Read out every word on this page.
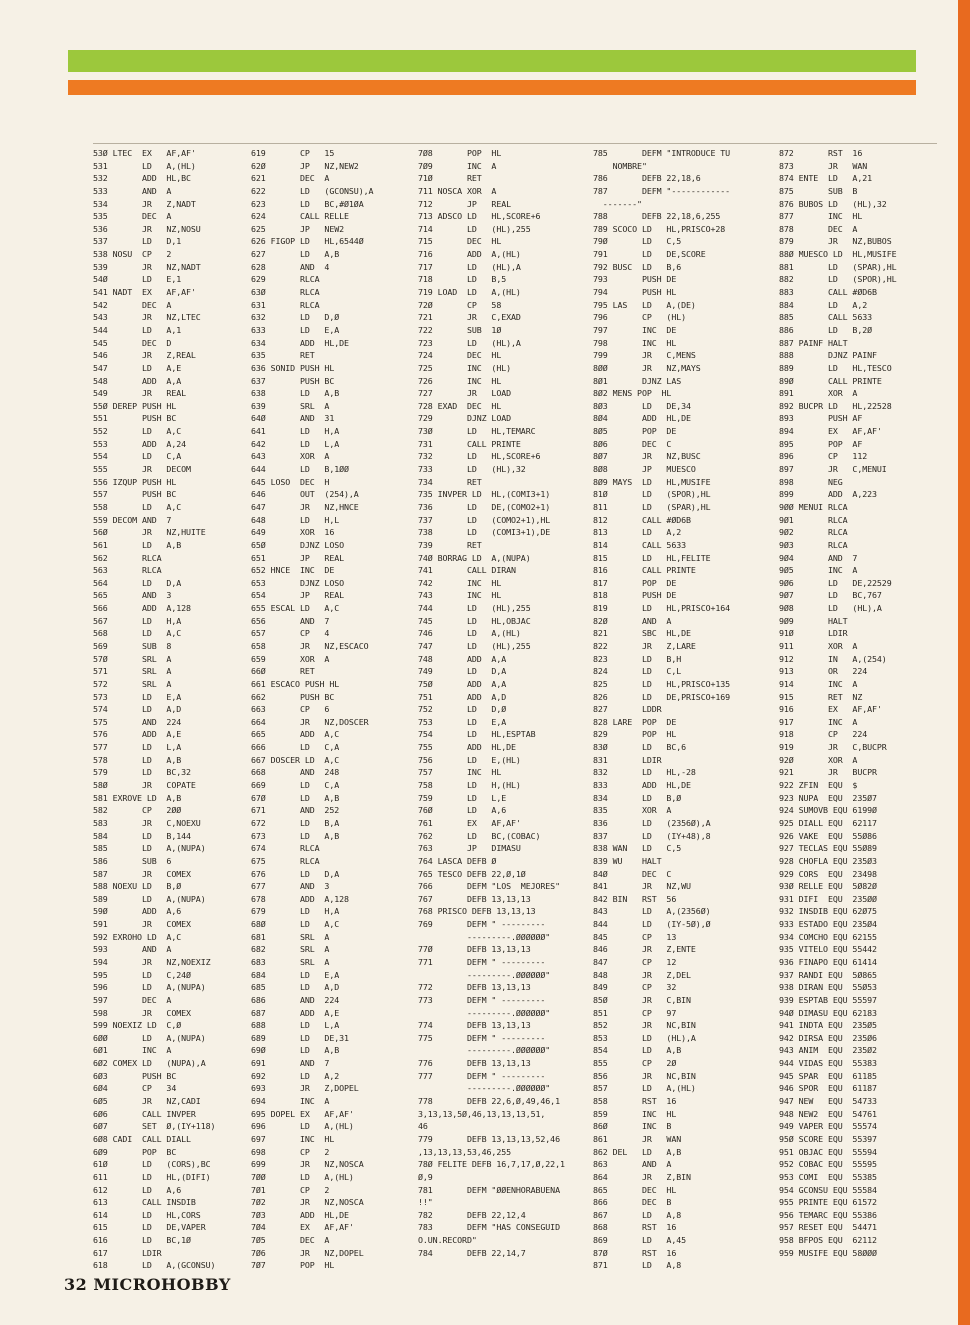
53Ø LTEC  EX   AF,AF'
531       LD   A,(HL)
532       ADD  HL,BC
533       AND  A
534       JR   Z,NADT
535       DEC  A
536       JR   NZ,NOSU
537       LD   D,1
538 NOSU  CP   2
539       JR   NZ,NADT
54Ø       LD   E,1
541 NADT  EX   AF,AF'
542       DEC  A
543       JR   NZ,LTEC
544       LD   A,1
545       DEC  D
546       JR   Z,REAL
547       LD   A,E
548       ADD  A,A
549       JR   REAL
55Ø DEREP PUSH HL
551       PUSH BC
552       LD   A,C
553       ADD  A,24
554       LD   C,A
555       JR   DECOM
556 IZQUP PUSH HL
557       PUSH BC
558       LD   A,C
559 DECOM AND  7
56Ø       JR   NZ,HUITE
561       LD   A,B
562       RLCA
563       RLCA
564       LD   D,A
565       AND  3
566       ADD  A,128
567       LD   H,A
568       LD   A,C
569       SUB  8
57Ø       SRL  A
571       SRL  A
572       SRL  A
573       LD   E,A
574       LD   A,D
575       AND  224
576       ADD  A,E
577       LD   L,A
578       LD   A,B
579       LD   BC,32
58Ø       JR   COPATE
581 EXROVE LD  A,B
582       CP   2ØØ
583       JR   C,NOEXU
584       LD   B,144
585       LD   A,(NUPA)
586       SUB  6
587       JR   COMEX
588 NOEXU LD   B,Ø
589       LD   A,(NUPA)
59Ø       ADD  A,6
591       JR   COMEX
592 EXROHO LD  A,C
593       AND  A
594       JR   NZ,NOEXIZ
595       LD   C,24Ø
596       LD   A,(NUPA)
597       DEC  A
598       JR   COMEX
599 NOEXIZ LD  C,Ø
6ØØ       LD   A,(NUPA)
6Ø1       INC  A
6Ø2 COMEX LD   (NUPA),A
6Ø3       PUSH BC
6Ø4       CP   34
6Ø5       JR   NZ,CADI
6Ø6       CALL INVPER
6Ø7       SET  Ø,(IY+118)
6Ø8 CADI  CALL DIALL
6Ø9       POP  BC
61Ø       LD   (CORS),BC
611       LD   HL,(DIFI)
612       LD   A,6
613       CALL INSDIB
614       LD   HL,CORS
615       LD   DE,VAPER
616       LD   BC,1Ø
617       LDIR
618       LD   A,(GCONSU)
619       CP   15
62Ø       JP   NZ,NEW2
621       DEC  A
622       LD   (GCONSU),A
623       LD   BC,#Ø1ØA
624       CALL RELLE
625       JP   NEW2
626 FIGOP LD   HL,6544Ø
627       LD   A,B
628       AND  4
629       RLCA
63Ø       RLCA
631       RLCA
632       LD   D,Ø
633       LD   E,A
634       ADD  HL,DE
635       RET
636 SONID PUSH HL
637       PUSH BC
638       LD   A,B
639       SRL  A
64Ø       AND  31
641       LD   H,A
642       LD   L,A
643       XOR  A
644       LD   B,1ØØ
645 LOSO  DEC  H
646       OUT  (254),A
647       JR   NZ,HNCE
648       LD   H,L
649       XOR  16
65Ø       DJNZ LOSO
651       JP   REAL
652 HNCE  INC  DE
653       DJNZ LOSO
654       JP   REAL
655 ESCAL LD   A,C
656       AND  7
657       CP   4
658       JR   NZ,ESCACO
659       XOR  A
66Ø       RET
661 ESCACO PUSH HL
662       PUSH BC
663       CP   6
664       JR   NZ,DOSCER
665       ADD  A,C
666       LD   C,A
667 DOSCER LD  A,C
668       AND  248
669       LD   C,A
67Ø       LD   A,B
671       AND  252
672       LD   B,A
673       LD   A,B
674       RLCA
675       RLCA
676       LD   D,A
677       AND  3
678       ADD  A,128
679       LD   H,A
68Ø       LD   A,C
681       SRL  A
682       SRL  A
683       SRL  A
684       LD   E,A
685       LD   A,D
686       AND  224
687       ADD  A,E
688       LD   L,A
689       LD   DE,31
69Ø       LD   A,B
691       AND  7
692       LD   A,2
693       JR   Z,DOPEL
694       INC  A
695 DOPEL EX   AF,AF'
696       LD   A,(HL)
697       INC  HL
698       CP   2
699       JR   NZ,NOSCA
7ØØ       LD   A,(HL)
7Ø1       CP   2
7Ø2       JR   NZ,NOSCA
7Ø3       ADD  HL,DE
7Ø4       EX   AF,AF'
7Ø5       DEC  A
7Ø6       JR   NZ,DOPEL
7Ø7       POP  HL
7Ø8       POP  HL
7Ø9       INC  A
71Ø       RET
711 NOSCA XOR  A
712       JP   REAL
713 ADSCO LD   HL,SCORE+6
714       LD   (HL),255
715       DEC  HL
716       ADD  A,(HL)
717       LD   (HL),A
718       LD   B,5
719 LOAD  LD   A,(HL)
72Ø       CP   58
721       JR   C,EXAD
722       SUB  1Ø
723       LD   (HL),A
724       DEC  HL
725       INC  (HL)
726       INC  HL
727       JR   LOAD
728 EXAD  DEC  HL
729       DJNZ LOAD
73Ø       LD   HL,TEMARC
731       CALL PRINTE
732       LD   HL,SCORE+6
733       LD   (HL),32
734       RET
735 INVPER LD  HL,(COMI3+1)
736       LD   DE,(COMO2+1)
737       LD   (COMO2+1),HL
738       LD   (COMI3+1),DE
739       RET
74Ø BORRAG LD  A,(NUPA)
741       CALL DIRAN
742       INC  HL
743       INC  HL
744       LD   (HL),255
745       LD   HL,OBJAC
746       LD   A,(HL)
747       LD   (HL),255
748       ADD  A,A
749       LD   D,A
75Ø       ADD  A,A
751       ADD  A,D
752       LD   D,Ø
753       LD   E,A
754       LD   HL,ESPTAB
755       ADD  HL,DE
756       LD   E,(HL)
757       INC  HL
758       LD   H,(HL)
759       LD   L,E
76Ø       LD   A,6
761       EX   AF,AF'
762       LD   BC,(COBAC)
763       JP   DIMASU
764 LASCA DEFB Ø
765 TESCO DEFB 22,Ø,1Ø
766       DEFM "LOS  MEJORES"
767       DEFB 13,13,13
768 PRISCO DEFB 13,13,13
769       DEFM " ---------
---------.ØØØØØØ"
77Ø       DEFB 13,13,13
771       DEFM " ---------
---------.ØØØØØØ"
772       DEFB 13,13,13
773       DEFM " ---------
---------.ØØØØØØ"
774       DEFB 13,13,13
775       DEFM " ---------
---------.ØØØØØØ"
776       DEFB 13,13,13
777       DEFM " ---------
---------.ØØØØØØ"
778       DEFB 22,6,Ø,49,46,1
3,13,13,5Ø,46,13,13,13,51,
46
779       DEFB 13,13,13,52,46
,13,13,13,53,46,255
78Ø FELITE DEFB 16,7,17,Ø,22,1
Ø,9
781       DEFM "ØØENHORABUENA
!!"
782       DEFB 22,12,4
783       DEFM "HAS CONSEGUID
O.UN.RECORD"
784       DEFB 22,14,7
785       DEFM "INTRODUCE TU
NOMBRE"
786       DEFB 22,18,6
787       DEFM "------------
-------"
788       DEFB 22,18,6,255
789 SCOCO LD   HL,PRISCO+28
79Ø       LD   C,5
791       LD   DE,SCORE
792 BUSC  LD   B,6
793       PUSH DE
794       PUSH HL
795 LAS   LD   A,(DE)
796       CP   (HL)
797       INC  DE
798       INC  HL
799       JR   C,MENS
8ØØ       JR   NZ,MAYS
8Ø1       DJNZ LAS
8Ø2 MENS POP  HL
8Ø3       LD   DE,34
8Ø4       ADD  HL,DE
8Ø5       POP  DE
8Ø6       DEC  C
8Ø7       JR   NZ,BUSC
8Ø8       JP   MUESCO
8Ø9 MAYS  LD   HL,MUSIFE
81Ø       LD   (SPOR),HL
811       LD   (SPAR),HL
812       CALL #ØD6B
813       LD   A,2
814       CALL 5633
815       LD   HL,FELITE
816       CALL PRINTE
817       POP  DE
818       PUSH DE
819       LD   HL,PRISCO+164
82Ø       AND  A
821       SBC  HL,DE
822       JR   Z,LARE
823       LD   B,H
824       LD   C,L
825       LD   HL,PRISCO+135
826       LD   DE,PRISCO+169
827       LDDR
828 LARE  POP  DE
829       POP  HL
83Ø       LD   BC,6
831       LDIR
832       LD   HL,-28
833       ADD  HL,DE
834       LD   B,Ø
835       XOR  A
836       LD   (2356Ø),A
837       LD   (IY+48),8
838 WAN   LD   C,5
839 WU    HALT
84Ø       DEC  C
841       JR   NZ,WU
842 BIN   RST  56
843       LD   A,(2356Ø)
844       LD   (IY-5Ø),Ø
845       CP   13
846       JR   Z,ENTE
847       CP   12
848       JR   Z,DEL
849       CP   32
85Ø       JR   C,BIN
851       CP   97
852       JR   NC,BIN
853       LD   (HL),A
854       LD   A,B
855       CP   2Ø
856       JR   NC,BIN
857       LD   A,(HL)
858       RST  16
859       INC  HL
86Ø       INC  B
861       JR   WAN
862 DEL   LD   A,B
863       AND  A
864       JR   Z,BIN
865       DEC  HL
866       DEC  B
867       LD   A,8
868       RST  16
869       LD   A,45
87Ø       RST  16
871       LD   A,8
872       RST  16
873       JR   WAN
874 ENTE  LD   A,21
875       SUB  B
876 BUBOS LD   (HL),32
877       INC  HL
878       DEC  A
879       JR   NZ,BUBOS
88Ø MUESCO LD  HL,MUSIFE
881       LD   (SPAR),HL
882       LD   (SPOR),HL
883       CALL #ØD6B
884       LD   A,2
885       CALL 5633
886       LD   B,2Ø
887 PAINF HALT
888       DJNZ PAINF
889       LD   HL,TESCO
89Ø       CALL PRINTE
891       XOR  A
892 BUCPR LD   HL,22528
893       PUSH AF
894       EX   AF,AF'
895       POP  AF
896       CP   112
897       JR   C,MENUI
898       NEG
899       ADD  A,223
9ØØ MENUI RLCA
9Ø1       RLCA
9Ø2       RLCA
9Ø3       RLCA
9Ø4       AND  7
9Ø5       INC  A
9Ø6       LD   DE,22529
9Ø7       LD   BC,767
9Ø8       LD   (HL),A
9Ø9       HALT
91Ø       LDIR
911       XOR  A
912       IN   A,(254)
913       OR   224
914       INC  A
915       RET  NZ
916       EX   AF,AF'
917       INC  A
918       CP   224
919       JR   C,BUCPR
92Ø       XOR  A
921       JR   BUCPR
922 ZFIN  EQU  $
923 NUPA  EQU  235Ø7
924 SUMOVB EQU 6199Ø
925 DIALL EQU  62117
926 VAKE  EQU  55Ø86
927 TECLAS EQU 55Ø89
928 CHOFLA EQU 235Ø3
929 CORS  EQU  23498
93Ø RELLE EQU  5Ø82Ø
931 DIFI  EQU  235ØØ
932 INSDIB EQU 62Ø75
933 ESTADO EQU 235Ø4
934 COMCHO EQU 62155
935 VITELO EQU 55442
936 FINAPO EQU 61414
937 RANDI EQU  5Ø865
938 DIRAN EQU  55Ø53
939 ESPTAB EQU 55597
94Ø DIMASU EQU 62183
941 INDTA EQU  235Ø5
942 DIRSA EQU  235Ø6
943 ANIM  EQU  235Ø2
944 VIDAS EQU  55383
945 SPAR  EQU  61185
946 SPOR  EQU  61187
947 NEW   EQU  54733
948 NEW2  EQU  54761
949 VAPER EQU  55574
95Ø SCORE EQU  55397
951 OBJAC EQU  55594
952 COBAC EQU  55595
953 COMI  EQU  55385
954 GCONSU EQU 55584
955 PRINTE EQU 61572
956 TEMARC EQU 55386
957 RESET EQU  54471
958 BFPOS EQU  62112
959 MUSIFE EQU 58ØØØ
32 MICROHOBBY
